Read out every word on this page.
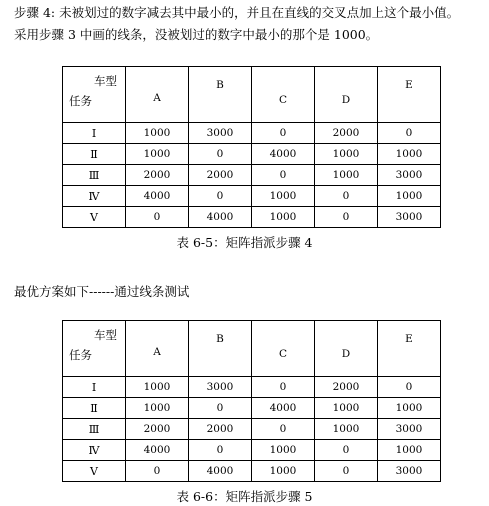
步骤 4: 未被划过的数字减去其中最小的，并且在直线的交叉点加上这个最小值。
采用步骤 3 中画的线条，没被划过的数字中最小的那个是 1000。
车型
任务	A	B	C	D	E
Ⅰ	1000	3000	0	2000	0
Ⅱ	1000	0	4000	1000	1000
Ⅲ	2000	2000	0	1000	3000
Ⅳ	4000	0	1000	0	1000
Ⅴ	0	4000	1000	0	3000
表 6-5：矩阵指派步骤 4
最优方案如下------通过线条测试
车型
任务	A	B	C	D	E
Ⅰ	1000	3000	0	2000	0
Ⅱ	1000	0	4000	1000	1000
Ⅲ	2000	2000	0	1000	3000
Ⅳ	4000	0	1000	0	1000
Ⅴ	0	4000	1000	0	3000
表 6-6：矩阵指派步骤 5
